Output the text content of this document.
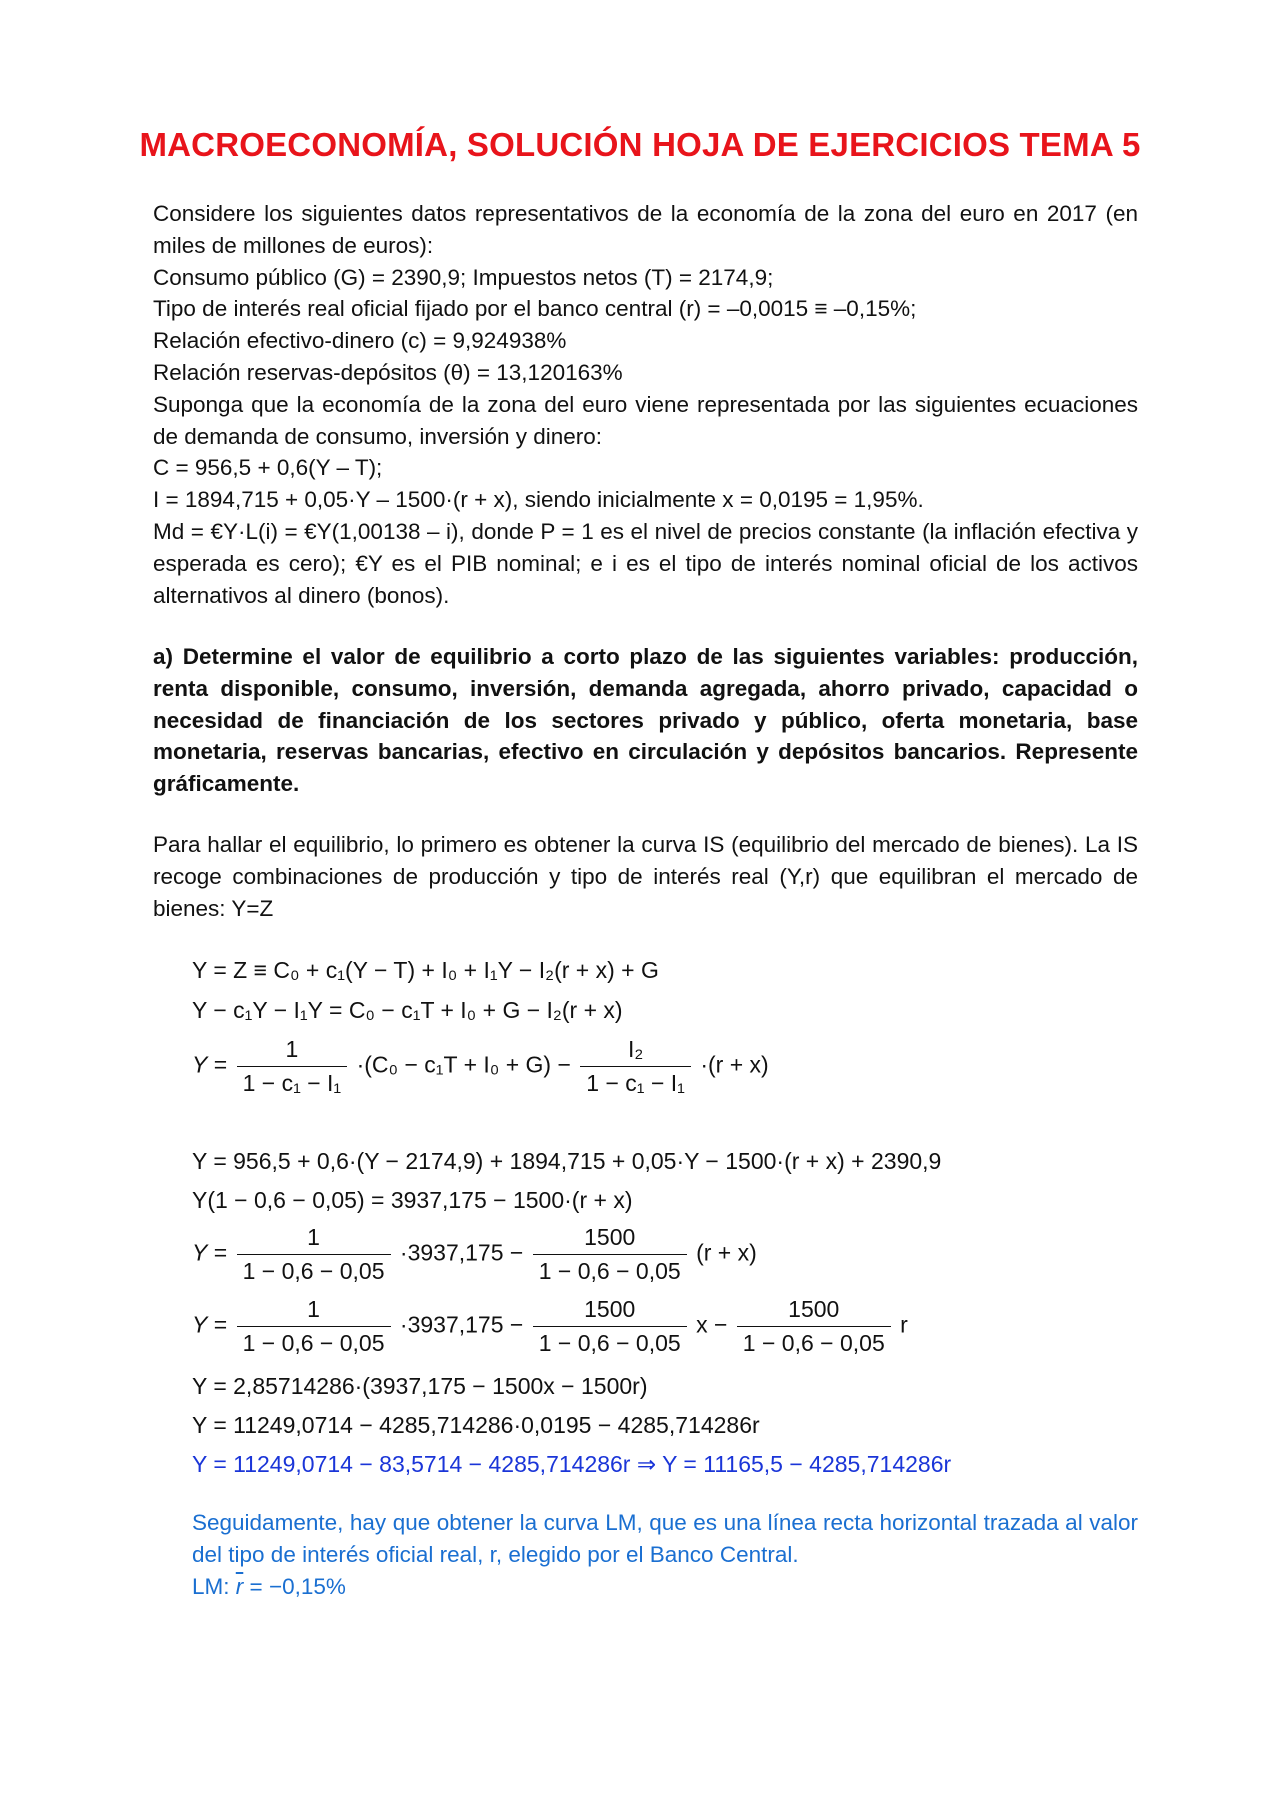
MACROECONOMÍA, SOLUCIÓN HOJA DE EJERCICIOS TEMA 5

Considere los siguientes datos representativos de la economía de la zona del euro en 2017 (en miles de millones de euros):

Consumo público (G) = 2390,9; Impuestos netos (T) = 2174,9;

Tipo de interés real oficial fijado por el banco central (r) = –0,0015 ≡ –0,15%;

Relación efectivo-dinero (c) = 9,924938%

Relación reservas-depósitos (θ) = 13,120163%

Suponga que la economía de la zona del euro viene representada por las siguientes ecuaciones de demanda de consumo, inversión y dinero:

C = 956,5 + 0,6(Y – T);

I = 1894,715 + 0,05·Y – 1500·(r + x), siendo inicialmente x = 0,0195 = 1,95%.

Md = €Y·L(i) = €Y(1,00138 – i), donde P = 1 es el nivel de precios constante (la inflación efectiva y esperada es cero); €Y es el PIB nominal; e i es el tipo de interés nominal oficial de los activos alternativos al dinero (bonos).

a) Determine el valor de equilibrio a corto plazo de las siguientes variables: producción, renta disponible, consumo, inversión, demanda agregada, ahorro privado, capacidad o necesidad de financiación de los sectores privado y público, oferta monetaria, base monetaria, reservas bancarias, efectivo en circulación y depósitos bancarios. Represente gráficamente.
Para hallar el equilibrio, lo primero es obtener la curva IS (equilibrio del mercado de bienes). La IS recoge combinaciones de producción y tipo de interés real (Y,r) que equilibran el mercado de bienes: Y=Z
Y = Z ≡ C₀ + c₁(Y − T) + I₀ + I₁Y − I₂(r + x) + G
Y − c₁Y − I₁Y = C₀ − c₁T + I₀ + G − I₂(r + x)
$Y = \frac{1}{\text{1 − c₁ − I₁}} \cdot(C_0 - c_1T + I_0 + G) - \frac{\text{I₂}}{\text{1 − c₁ − I₁}} \cdot(r + x)$
Y = 956,5 + 0,6·(Y − 2174,9) + 1894,715 + 0,05·Y − 1500·(r + x) + 2390,9
Y(1 − 0,6 − 0,05) = 3937,175 − 1500·(r + x)
$Y = \frac{1}{1 - 0,6 - 0,05} \cdot 3937,175 - \frac{1500}{1 - 0,6 - 0,05} (r + x)$
$Y = \frac{1}{1 - 0,6 - 0,05} \cdot 3937,175 - \frac{1500}{1 - 0,6 - 0,05}$ $x - \frac{1500}{1 - 0,6 - 0,05}$ r
Y = 2,85714286·(3937,175 − 1500x − 1500r)
Y = 11249,0714 − 4285,714286·0,0195 − 4285,714286r
Y = 11249,0714 − 83,5714 − 4285,714286r ⇒ Y = 11165,5 − 4285,714286r
Seguidamente, hay que obtener la curva LM, que es una línea recta horizontal trazada al valor del tipo de interés oficial real, r, elegido por el Banco Central.
LM: $\overline{r} = -0,15\%$
